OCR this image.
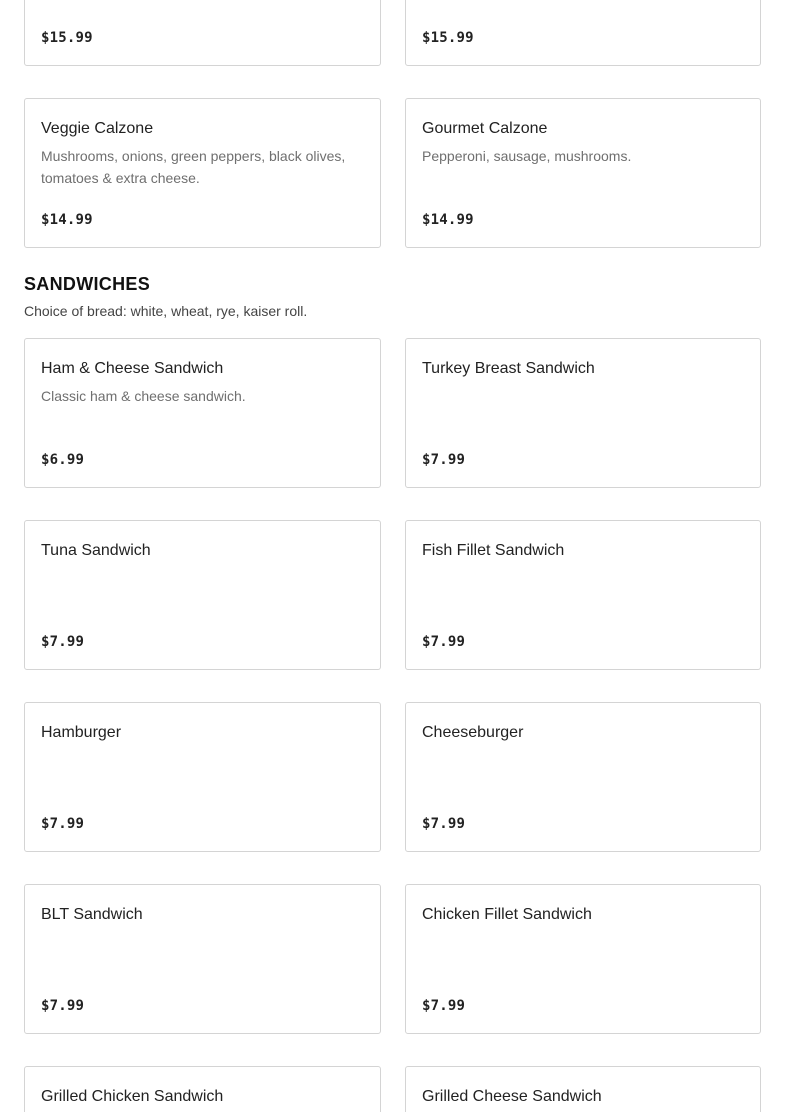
$15.99	$15.99
Veggie Calzone
Mushrooms, onions, green peppers, black olives, tomatoes & extra cheese.
$14.99
Gourmet Calzone
Pepperoni, sausage, mushrooms.
$14.99
SANDWICHES
Choice of bread: white, wheat, rye, kaiser roll.
Ham & Cheese Sandwich
Classic ham & cheese sandwich.
$6.99
Turkey Breast Sandwich
$7.99
Tuna Sandwich
$7.99
Fish Fillet Sandwich
$7.99
Hamburger
$7.99
Cheeseburger
$7.99
BLT Sandwich
$7.99
Chicken Fillet Sandwich
$7.99
Grilled Chicken Sandwich	Grilled Cheese Sandwich
